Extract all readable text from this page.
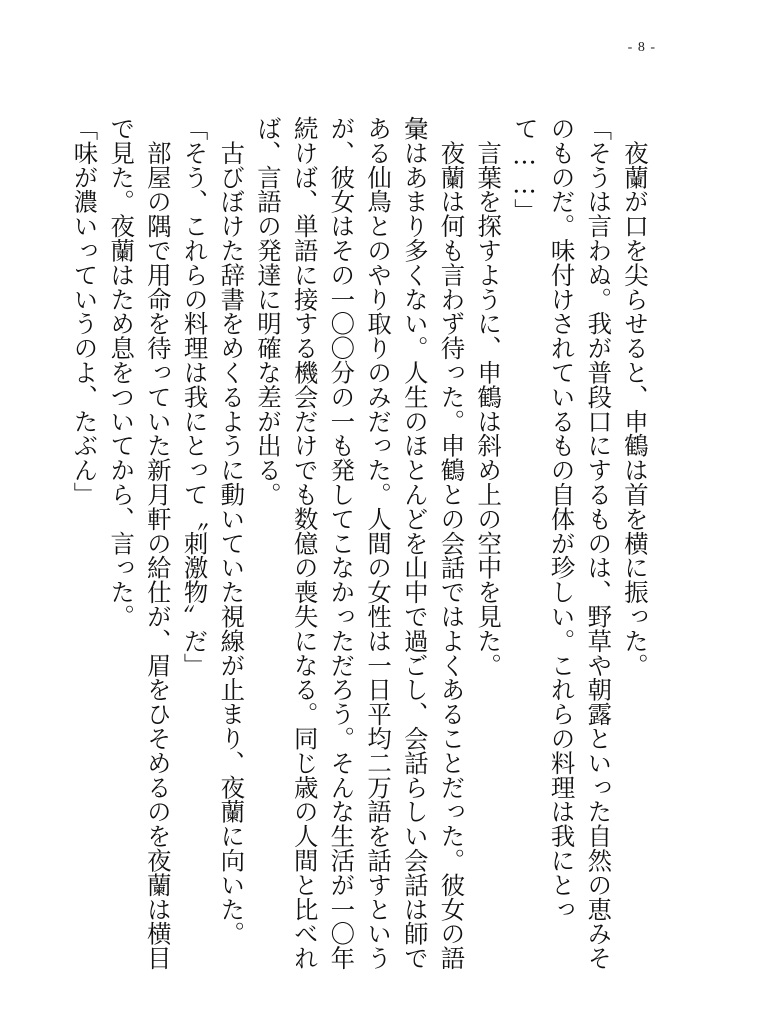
- 8 -

　夜蘭が口を尖らせると、申鶴は首を横に振った。

「そうは言わぬ。我が普段口にするものは、野草や朝露といった自然の恵みそのものだ。味付けされているもの自体が珍しい。これらの料理は我にとって……」

　言葉を探すように、申鶴は斜め上の空中を見た。

　夜蘭は何も言わず待った。申鶴との会話ではよくあることだった。彼女の語彙はあまり多くない。人生のほとんどを山中で過ごし、会話らしい会話は師である仙鳥とのやり取りのみだった。人間の女性は一日平均二万語を話すというが、彼女はその一〇〇分の一も発してこなかっただろう。そんな生活が一〇年続けば、単語に接する機会だけでも数億の喪失になる。同じ歳の人間と比べれば、言語の発達に明確な差が出る。

　古びぼけた辞書をめくるように動いていた視線が止まり、夜蘭に向いた。

「そう、これらの料理は我にとって〝刺激物〟だ」

　部屋の隅で用命を待っていた新月軒の給仕が、眉をひそめるのを夜蘭は横目で見た。夜蘭はため息をついてから、言った。

「味が濃いっていうのよ、たぶん」
